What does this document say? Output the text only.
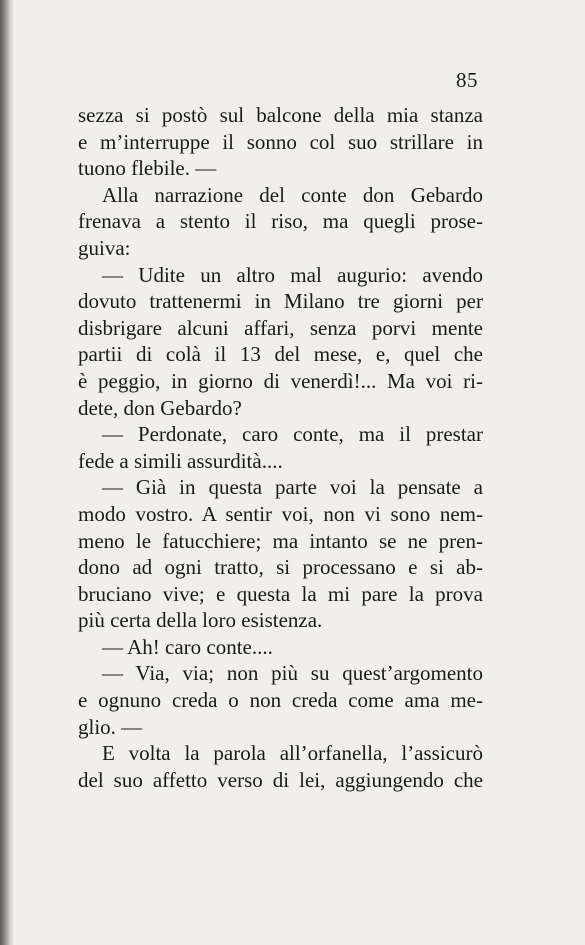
85
sezza si postò sul balcone della mia stanza
e m’interruppe il sonno col suo strillare in
tuono flebile. —
Alla narrazione del conte don Gebardo
frenava a stento il riso, ma quegli prose-
guiva:
— Udite un altro mal augurio: avendo
dovuto trattenermi in Milano tre giorni per
disbrigare alcuni affari, senza porvi mente
partii di colà il 13 del mese, e, quel che
è peggio, in giorno di venerdì!... Ma voi ri-
dete, don Gebardo?
— Perdonate, caro conte, ma il prestar
fede a simili assurdità....
— Già in questa parte voi la pensate a
modo vostro. A sentir voi, non vi sono nem-
meno le fatucchiere; ma intanto se ne pren-
dono ad ogni tratto, si processano e si ab-
bruciano vive; e questa la mi pare la prova
più certa della loro esistenza.
— Ah! caro conte....
— Via, via; non più su quest’argomento
e ognuno creda o non creda come ama me-
glio. —
E volta la parola all’orfanella, l’assicurò
del suo affetto verso di lei, aggiungendo che
